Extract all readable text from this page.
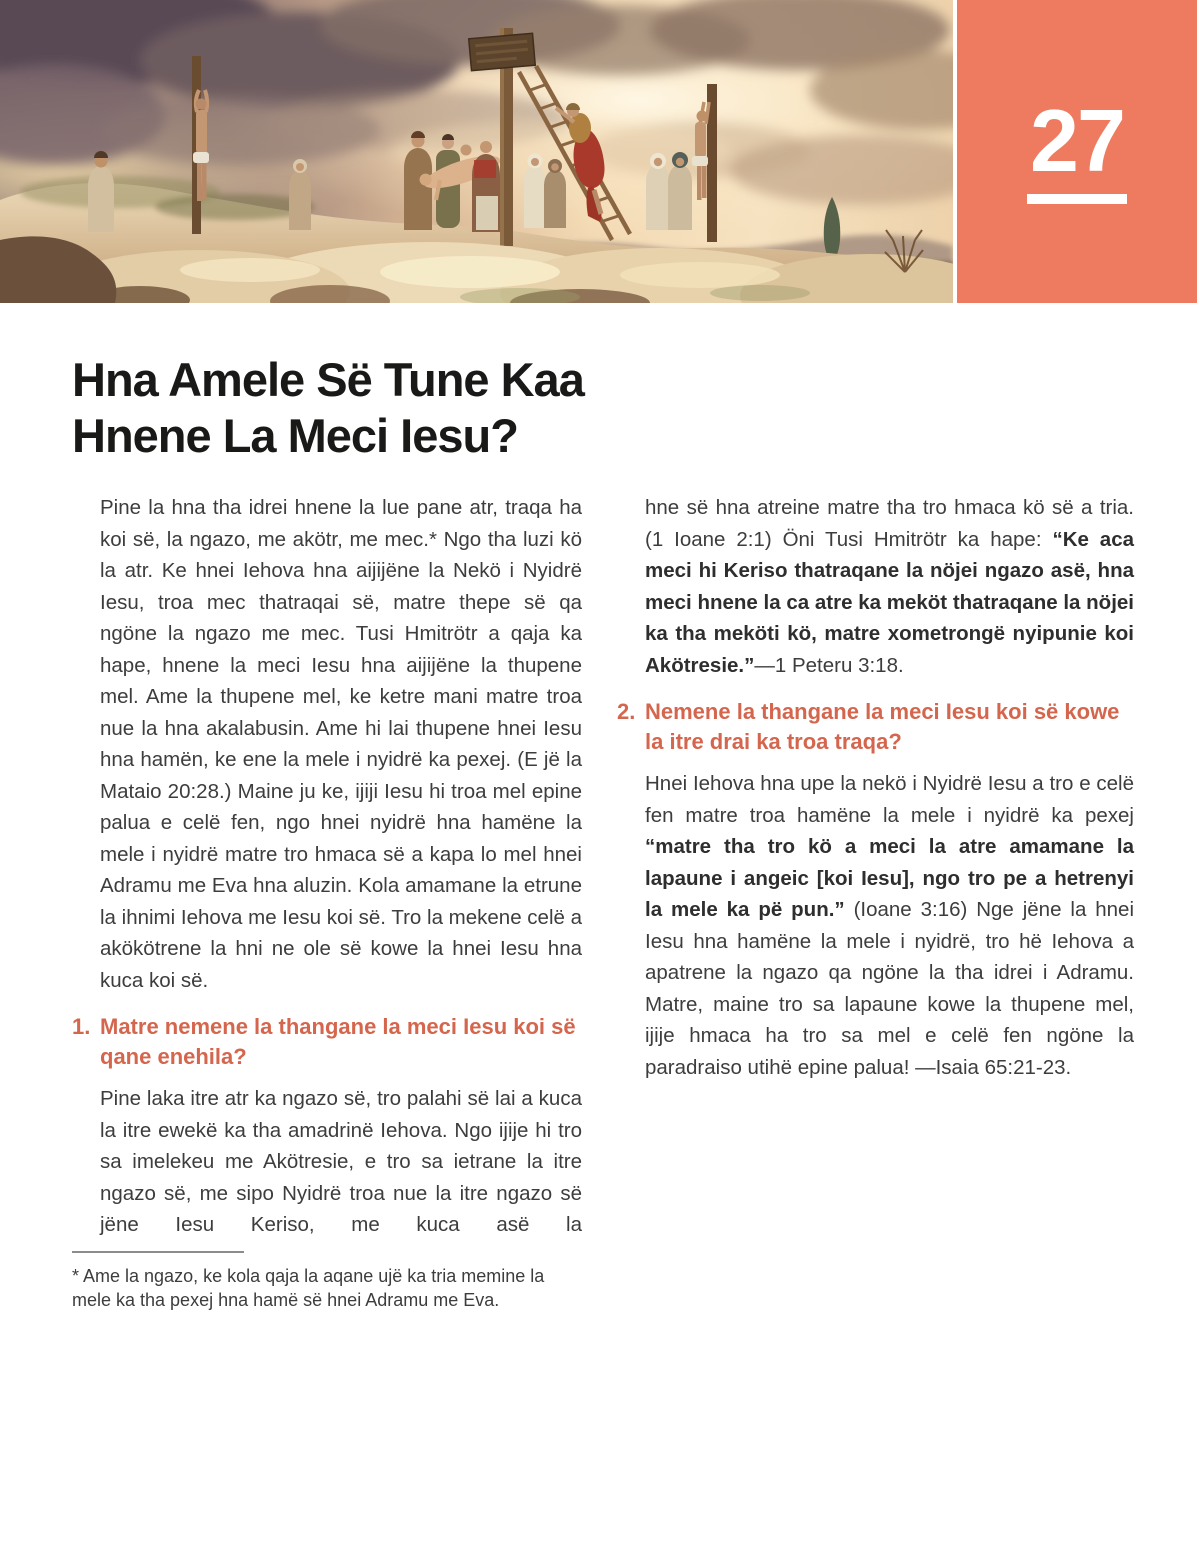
27
Hna Amele Së Tune Kaa
Hnene La Meci Iesu?

Pine la hna tha idrei hnene la lue pane atr, traqa ha koi së, la ngazo, me akötr, me mec.* Ngo tha luzi kö la atr. Ke hnei Iehova hna aijijëne la Nekö i Nyidrë Iesu, troa mec thatraqai së, matre thepe së qa ngöne la ngazo me mec. Tusi Hmitrötr a qaja ka hape, hnene la meci Iesu hna aijijëne la thupene mel. Ame la thupene mel, ke ketre mani matre troa nue la hna akalabusin. Ame hi lai thupene hnei Iesu hna hamën, ke ene la mele i nyidrë ka pexej. (E jë la Mataio 20:28.) Maine ju ke, ijiji Iesu hi troa mel epine palua e celë fen, ngo hnei nyidrë hna hamëne la mele i nyidrë matre tro hmaca së a kapa lo mel hnei Adramu me Eva hna aluzin. Kola amamane la etrune la ihnimi Iehova me Iesu koi së. Tro la mekene celë a akökötrene la hni ne ole së kowe la hnei Iesu hna kuca koi së.

1. Matre nemene la thangane la meci Iesu koi së qane enehila?

Pine laka itre atr ka ngazo së, tro palahi së lai a kuca la itre ewekë ka tha amadrinë Iehova. Ngo ijije hi tro sa imelekeu me Akötresie, e tro sa ietrane la itre ngazo së, me sipo Nyidrë troa nue la itre ngazo së jëne Iesu Keriso, me kuca asë la

* Ame la ngazo, ke kola qaja la aqane ujë ka tria memine la mele ka tha pexej hna hamë së hnei Adramu me Eva.

hne së hna atreine matre tha tro hmaca kö së a tria. (1 Ioane 2:1) Öni Tusi Hmitrötr ka hape: “Ke aca meci hi Keriso thatraqane la nöjei ngazo asë, hna meci hnene la ca atre ka meköt thatraqane la nöjei ka tha meköti kö, matre xometrongë nyipunie koi Akötresie.”—1 Peteru 3:18.

2. Nemene la thangane la meci Iesu koi së kowe la itre drai ka troa traqa?

Hnei Iehova hna upe la nekö i Nyidrë Iesu a tro e celë fen matre troa hamëne la mele i nyidrë ka pexej “matre tha tro kö a meci la atre amamane la lapaune i angeic [koi Iesu], ngo tro pe a hetrenyi la mele ka pë pun.” (Ioane 3:16) Nge jëne la hnei Iesu hna hamëne la mele i nyidrë, tro hë Iehova a apatrene la ngazo qa ngöne la tha idrei i Adramu. Matre, maine tro sa lapaune kowe la thupene mel, ijije hmaca ha tro sa mel e celë fen ngöne la paradraiso utihë epine palua! —Isaia 65:21-23.
